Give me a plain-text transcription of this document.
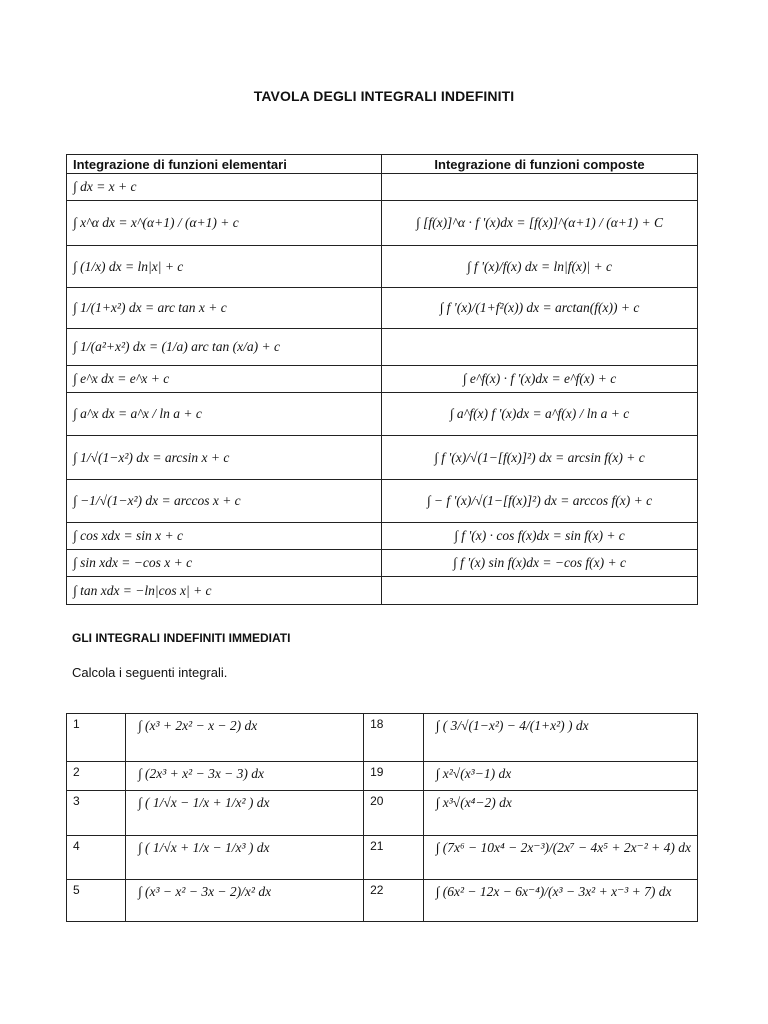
TAVOLA DEGLI INTEGRALI INDEFINITI
Integrazione di funzioni elementari	Integrazione di funzioni composte
∫ dx = x + c	
∫ x^α dx = x^(α+1) / (α+1) + c	∫ [f(x)]^α · f '(x)dx = [f(x)]^(α+1) / (α+1) + C
∫ (1/x) dx = ln|x| + c	∫ f '(x)/f(x) dx = ln|f(x)| + c
∫ 1/(1+x²) dx = arc tan x + c	∫ f '(x)/(1+f²(x)) dx = arctan(f(x)) + c
∫ 1/(a²+x²) dx = (1/a) arc tan (x/a) + c	
∫ e^x dx = e^x + c	∫ e^f(x) · f '(x)dx = e^f(x) + c
∫ a^x dx = a^x / ln a + c	∫ a^f(x) f '(x)dx = a^f(x) / ln a + c
∫ 1/√(1−x²) dx = arcsin x + c	∫ f '(x)/√(1−[f(x)]²) dx = arcsin f(x) + c
∫ −1/√(1−x²) dx = arccos x + c	∫ − f '(x)/√(1−[f(x)]²) dx = arccos f(x) + c
∫ cos xdx = sin x + c	∫ f '(x) · cos f(x)dx = sin f(x) + c
∫ sin xdx = −cos x + c	∫ f '(x) sin f(x)dx = −cos f(x) + c
∫ tan xdx = −ln|cos x| + c	
GLI INTEGRALI INDEFINITI IMMEDIATI
Calcola i seguenti integrali.
1	∫ (x³ + 2x² − x − 2) dx	18	∫ ( 3/√(1−x²) − 4/(1+x²) ) dx
2	∫ (2x³ + x² − 3x − 3) dx	19	∫ x²√(x³−1) dx
3	∫ ( 1/√x − 1/x + 1/x² ) dx	20	∫ x³√(x⁴−2) dx
4	∫ ( 1/√x + 1/x − 1/x³ ) dx	21	∫ (7x⁶ − 10x⁴ − 2x⁻³)/(2x⁷ − 4x⁵ + 2x⁻² + 4) dx
5	∫ (x³ − x² − 3x − 2)/x² dx	22	∫ (6x² − 12x − 6x⁻⁴)/(x³ − 3x² + x⁻³ + 7) dx
